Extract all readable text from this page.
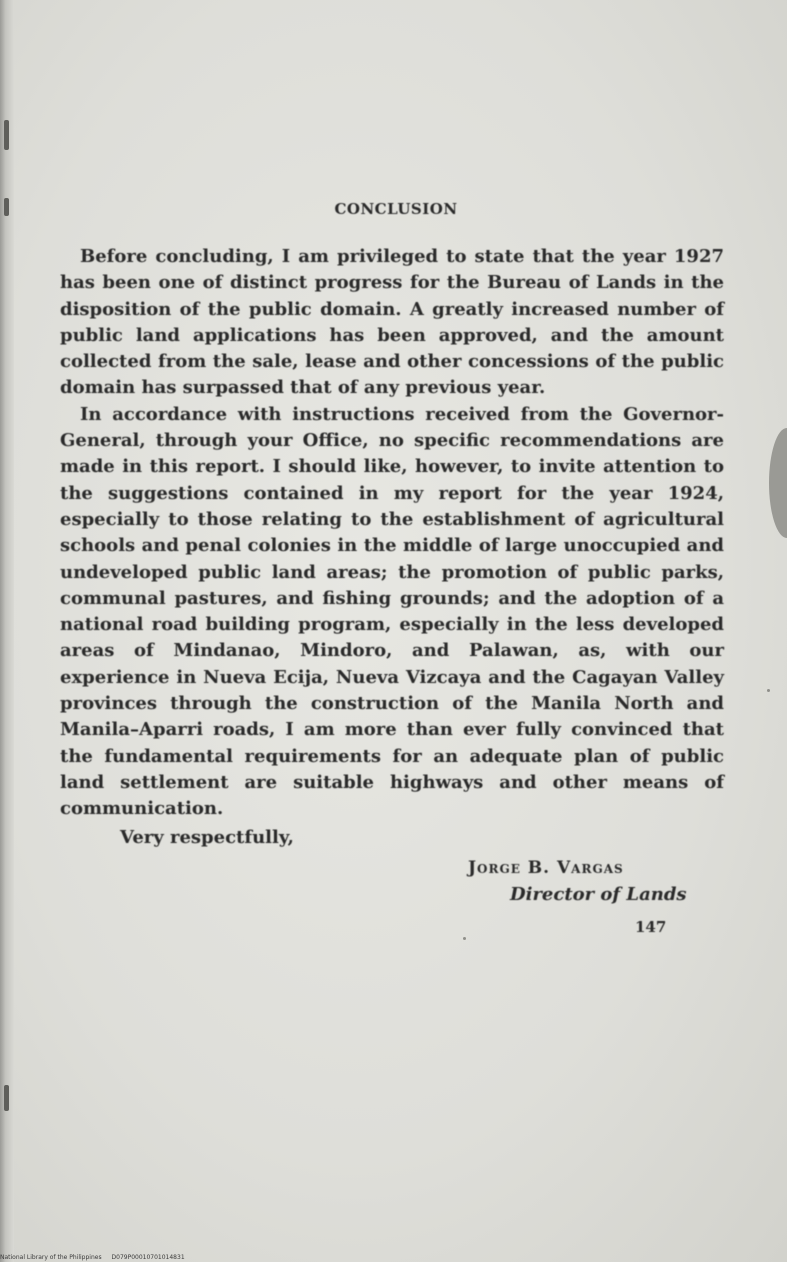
CONCLUSION

Before concluding, I am privileged to state that the year 1927 has been one of distinct progress for the Bureau of Lands in the disposition of the public domain. A greatly increased number of public land applications has been approved, and the amount collected from the sale, lease and other concessions of the public domain has surpassed that of any previous year.

In accordance with instructions received from the Governor-General, through your Office, no specific recommendations are made in this report. I should like, however, to invite attention to the suggestions contained in my report for the year 1924, especially to those relating to the establishment of agricultural schools and penal colonies in the middle of large unoccupied and undeveloped public land areas; the promotion of public parks, communal pastures, and fishing grounds; and the adoption of a national road building program, especially in the less developed areas of Mindanao, Mindoro, and Palawan, as, with our experience in Nueva Ecija, Nueva Vizcaya and the Cagayan Valley provinces through the construction of the Manila North and Manila–Aparri roads, I am more than ever fully convinced that the fundamental requirements for an adequate plan of public land settlement are suitable highways and other means of communication.

Very respectfully,
Jorge B. Vargas
Director of Lands
147
National Library of the Philippines D079P00010701014831
